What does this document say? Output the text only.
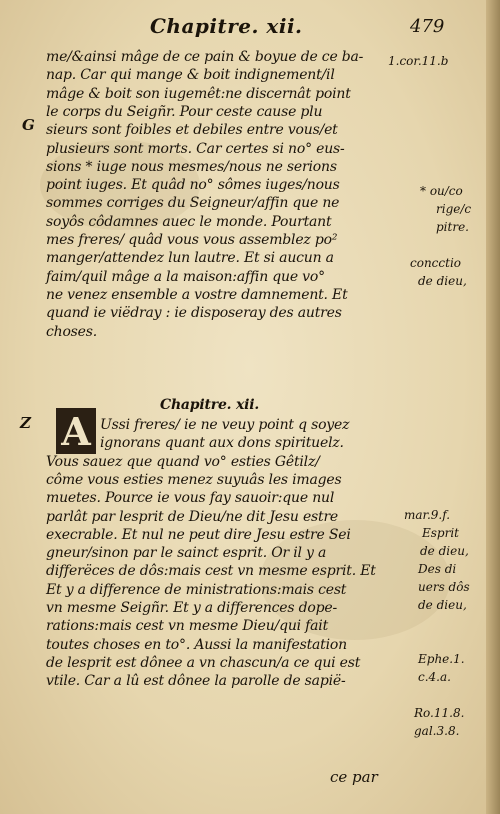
Chapitre. xii.	479
me/&ainsi mâge de ce pain & boyue de ce ba-
nap. Car qui mange & boit indignement/il
mâge & boit son iugemêt:ne discernât point
le corps du Seigñr. Pour ceste cause plu
sieurs sont foibles et debiles entre vous/et
plusieurs sont morts. Car certes si no° eus-
sions * iuge nous mesmes/nous ne serions
point iuges. Et quâd no° sômes iuges/nous
sommes corriges du Seigneur/affin que ne
soyôs côdamnes auec le monde. Pourtant
mes freres/ quâd vous vous assemblez po²
manger/attendez lun lautre. Et si aucun a
faim/quil mâge a la maison:affin que vo°
ne venez ensemble a vostre damnement. Et
quand ie viëdray : ie disposeray des autres
choses.
Chapitre. xii.
A Ussi freres/ ie ne veuy point q soyez
ignorans quant aux dons spirituelz.
Vous sauez que quand vo° esties Gêtilz/
côme vous esties menez suyuâs les images
muetes. Pource ie vous fay sauoir:que nul
parlât par lesprit de Dieu/ne dit Jesu estre
execrable. Et nul ne peut dire Jesu estre Sei
gneur/sinon par le sainct esprit. Or il y a
differëces de dôs:mais cest vn mesme esprit. Et
Et y a difference de ministrations:mais cest
vn mesme Seigñr. Et y a differences dope-
rations:mais cest vn mesme Dieu/qui fait
toutes choses en to°. Aussi la manifestation
de lesprit est dônee a vn chascun/a ce qui est
vtile. Car a lû est dônee la parolle de sapië-
1.cor.11.b
G
* ou/co
rige/c
pitre.
concctio
de dieu,
Z
mar.9.f.
Esprit
de dieu,
Des di
uers dôs
de dieu,
Ephe.1.
c.4.a.
Ro.11.8.
gal.3.8.
ce par
